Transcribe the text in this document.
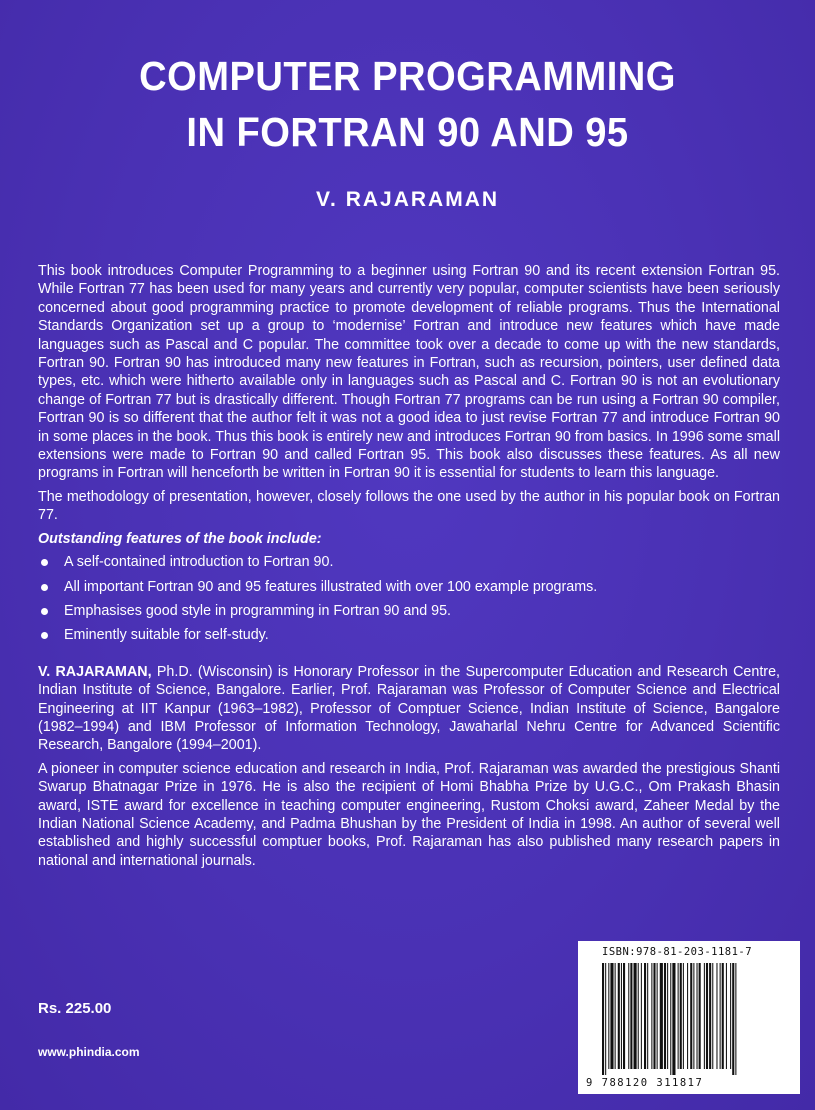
COMPUTER PROGRAMMING
IN FORTRAN 90 AND 95
V. RAJARAMAN

This book introduces Computer Programming to a beginner using Fortran 90 and its recent extension Fortran 95. While Fortran 77 has been used for many years and currently very popular, computer scientists have been seriously concerned about good programming practice to promote development of reliable programs. Thus the International Standards Organization set up a group to ‘modernise’ Fortran and introduce new features which have made languages such as Pascal and C popular. The committee took over a decade to come up with the new standards, Fortran 90. Fortran 90 has introduced many new features in Fortran, such as recursion, pointers, user defined data types, etc. which were hitherto available only in languages such as Pascal and C. Fortran 90 is not an evolutionary change of Fortran 77 but is drastically different. Though Fortran 77 programs can be run using a Fortran 90 compiler, Fortran 90 is so different that the author felt it was not a good idea to just revise Fortran 77 and introduce Fortran 90 in some places in the book. Thus this book is entirely new and introduces Fortran 90 from basics. In 1996 some small extensions were made to Fortran 90 and called Fortran 95. This book also discusses these features. As all new programs in Fortran will henceforth be written in Fortran 90 it is essential for students to learn this language.

The methodology of presentation, however, closely follows the one used by the author in his popular book on Fortran 77.

Outstanding features of the book include:

A self-contained introduction to Fortran 90.
All important Fortran 90 and 95 features illustrated with over 100 example programs.
Emphasises good style in programming in Fortran 90 and 95.
Eminently suitable for self-study.

V. RAJARAMAN, Ph.D. (Wisconsin) is Honorary Professor in the Supercomputer Education and Research Centre, Indian Institute of Science, Bangalore. Earlier, Prof. Rajaraman was Professor of Computer Science and Electrical Engineering at IIT Kanpur (1963–1982), Professor of Comptuer Science, Indian Institute of Science, Bangalore (1982–1994) and IBM Professor of Information Technology, Jawaharlal Nehru Centre for Advanced Scientific Research, Bangalore (1994–2001).

A pioneer in computer science education and research in India, Prof. Rajaraman was awarded the prestigious Shanti Swarup Bhatnagar Prize in 1976. He is also the recipient of Homi Bhabha Prize by U.G.C., Om Prakash Bhasin award, ISTE award for excellence in teaching computer engineering, Rustom Choksi award, Zaheer Medal by the Indian National Science Academy, and Padma Bhushan by the President of India in 1998. An author of several well established and highly successful comptuer books, Prof. Rajaraman has also published many research papers in national and international journals.

Rs. 225.00

www.phindia.com

ISBN:978-81-203-1181-7

9 788120 311817
